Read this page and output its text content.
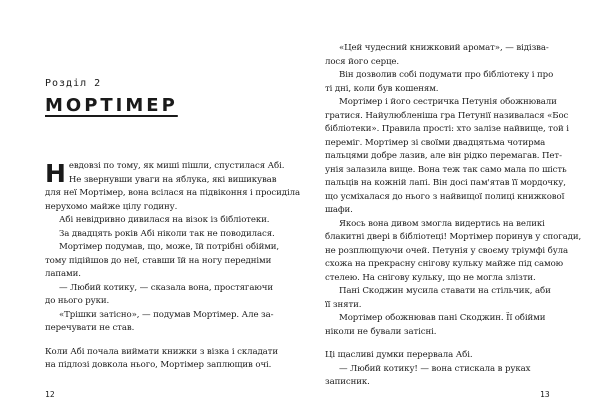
Розділ 2

МОРТІМЕР
Н евдовзі по тому, як миші пішли, спустилася Абі.
Не звернувши уваги на яблука, які вишикував
для неї Мортімер, вона всілася на підвіконня і просиділа
нерухомо майже цілу годину.
Абі невідривно дивилася на візок із бібліотеки.
За двадцять років Абі ніколи так не поводилася.
Мортімер подумав, що, може, їй потрібні обійми,
тому підійшов до неї, ставши їй на ногу передніми
лапами.
— Любий котику, — сказала вона, простягаючи
до нього руки.
«Трішки затісно», — подумав Мортімер. Але за-
перечувати не став.
Коли Абі почала виймати книжки з візка і складати
на підлозі довкола нього, Мортімер заплющив очі.
12
«Цей чудесний книжковий аромат», — відізва-
лося його серце.
Він дозволив собі подумати про бібліотеку і про
ті дні, коли був кошеням.
Мортімер і його сестричка Петунія обожнювали
гратися. Найулюбленіша гра Петунії називалася «Бос
бібліотеки». Правила прості: хто залізе найвище, той і
переміг. Мортімер зі своїми двадцятьма чотирма
пальцями добре лазив, але він рідко перемагав. Пет-
унія залазила вище. Вона теж так само мала по шість
пальців на кожній лапі. Він досі пам'ятав її мордочку,
що усміхалася до нього з найвищої полиці книжкової
шафи.
Якось вона дивом змогла видертись на великі
блакитні двері в бібліотеці! Мортімер поринув у спогади,
не розплющуючи очей. Петунія у своєму тріумфі була
схожа на прекрасну сніговy кульку майже під самою
стелею. На сніговy кульку, що не могла злізти.
Пані Скоджин мусила ставати на стільчик, аби
її зняти.
Мортімер обожнював пані Скоджин. Її обійми
ніколи не бували затісні.
Ці щасливі думки перервала Абі.
— Любий котику! — вона стискала в руках
записник.
13
